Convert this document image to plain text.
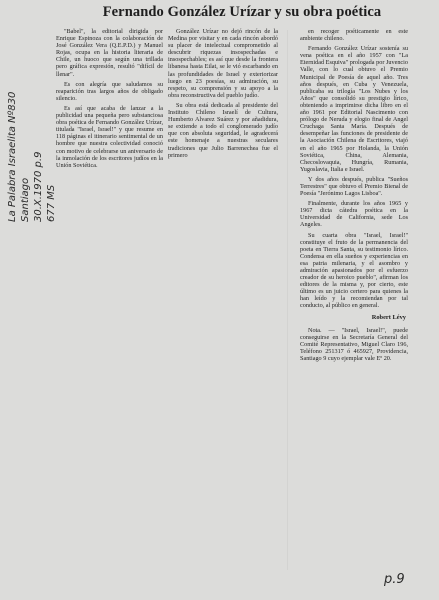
Fernando González Urízar y su obra poética
La Palabra Israelita Nº830 Santiago 30.X.1970 p.9 677 MS

"Babel", la editorial dirigida por Enrique Espinoza con la colaboración de José González Vera (Q.E.P.D.) y Manuel Rojas, ocupa en la historia literaria de Chile, un huoco que según una trillada pero gráfica expresión, resultó "difícil de llenar".

Es con alegría que saludamos su reaparición tras largos años de obligado silencio.

Es así que acaba de lanzar a la publicidad una pequeña pero substanciosa obra poética de Fernando González Urízar, titulada "Israel, Israel!" y que resume en 118 páginas el itinerario sentimental de un hombre que nuestra colectividad conoció con motivo de celebrarse un aniversario de la inmolación de los escritores judíos en la Unión Soviética.

González Urízar no dejó rincón de la Medina por visitar y en cada rincón abordó su placer de intelectual comprometido al descubrir riquezas insospechadas e insospechables; es así que desde la frontera libanesa hasta Eilat, se le vió escarbando en las profundidades de Israel y exteriorizar luego en 23 poesías, su admiración, su respeto, su comprensión y su apoyo a la obra reconstructiva del pueblo judío.

Su obra está dedicada al presidente del Instituto Chileno Israelí de Cultura, Humberto Alvarez Suárez y por añadidura, se extiende a todo el conglomerado judío que con absoluta seguridad, le agradecerá este homenaje a nuestras seculares tradiciones que Julio Barrenechea fue el primero

en recoger poéticamente en este ambiente chileno.

Fernando González Urízar sostenía su vena poética en el año 1957 con "La Eternidad Esquiva" prologada por Juvencio Valle, con lo cual obtuvo el Premio Municipal de Poesía de aquel año. Tres años después, en Cuba y Venezuela, publicaba su trilogía "Los Nubes y los Años" que consolidó su prestigio lírico, obteniendo a imprimirse dicha libro en el año 1961 por Editorial Nascimento con prólogo de Neruda y elogio final de Angel Cruchaga Santa María. Después de desempeñar las funciones de presidente de la Asociación Chilena de Escritores, viajó en el año 1965 por Holanda, la Unión Soviética, China, Alemania, Checoslovaquia, Hungría, Rumania, Yugoslavia, Italia e Israel.

Y dos años después, publica "Sueños Terrestres" que obtuvo el Premio Bienal de Poesía "Jerónimo Lagos Lisboa".

Finalmente, durante los años 1965 y 1967 dicta cátedra poética en la Universidad de California, sede Los Angeles.

Su cuarta obra "Israel, Israel!" constituye el fruto de la permanencia del poeta en Tierra Santa, su testimonio lírico. Condensa en ella sueños y experiencias en esa patria milenaria, y el asombro y admiración apasionados por el esfuerzo creador de su heroico pueblo", afirman los editores de la misma y, por cierto, este último es un juicio certero para quienes la han leído y la recomiendan por tal conducto, al público en general.

Robert Lévy

Nota. — "Israel, Israel!", puede conseguirse en la Secretaría General del Comité Representativo, Miguel Claro 196, Teléfono 251317 ó 465927, Providencia, Santiago 9 cuyo ejemplar vale Eº 20.

p.9
